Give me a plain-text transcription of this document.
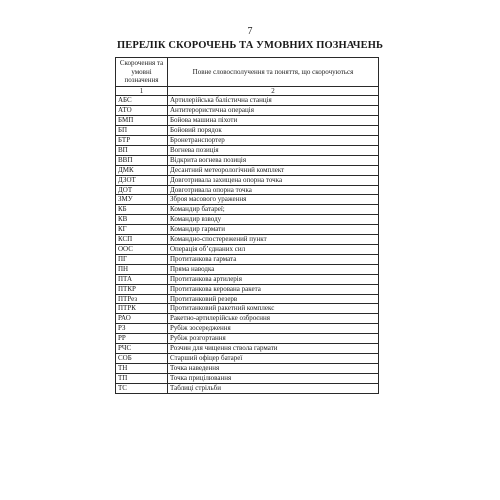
7
ПЕРЕЛІК СКОРОЧЕНЬ ТА УМОВНИХ ПОЗНАЧЕНЬ
Скорочення та умовні позначення	Повне словосполучення та поняття, що скорочуються
1	2
АБС	Артилерійська балістична станція
АТО	Антитерористична операція
БМП	Бойова машина піхоти
БП	Бойовий порядок
БТР	Бронетранспортер
ВП	Вогнева позиція
ВВП	Відкрита вогнева позиція
ДМК	Десантний метеорологічний комплект
ДЗОТ	Довготривала захищена опорна точка
ДОТ	Довготривала опорна точка
ЗМУ	Зброя масового ураження
КБ	Командир батареї;
КВ	Командир взводу
КГ	Командир гармати
КСП	Командно-спостережений пункт
ООС	Операція об’єднаних сил
ПГ	Протитанкова гармата
ПН	Пряма наводка
ПТА	Протитанкова артилерія
ПТКР	Протитанкова керована ракета
ПТРез	Протитанковий резерв
ПТРК	Протитанковий ракетний комплекс
РАО	Ракетно-артилерійське озброєння
РЗ	Рубіж зосередження
РР	Рубіж розгортання
РЧС	Розчин для чищення ствола гармати
СОБ	Старший офіцер батареї
ТН	Точка наведення
ТП	Точка прицілювання
ТС	Таблиці стрільби
